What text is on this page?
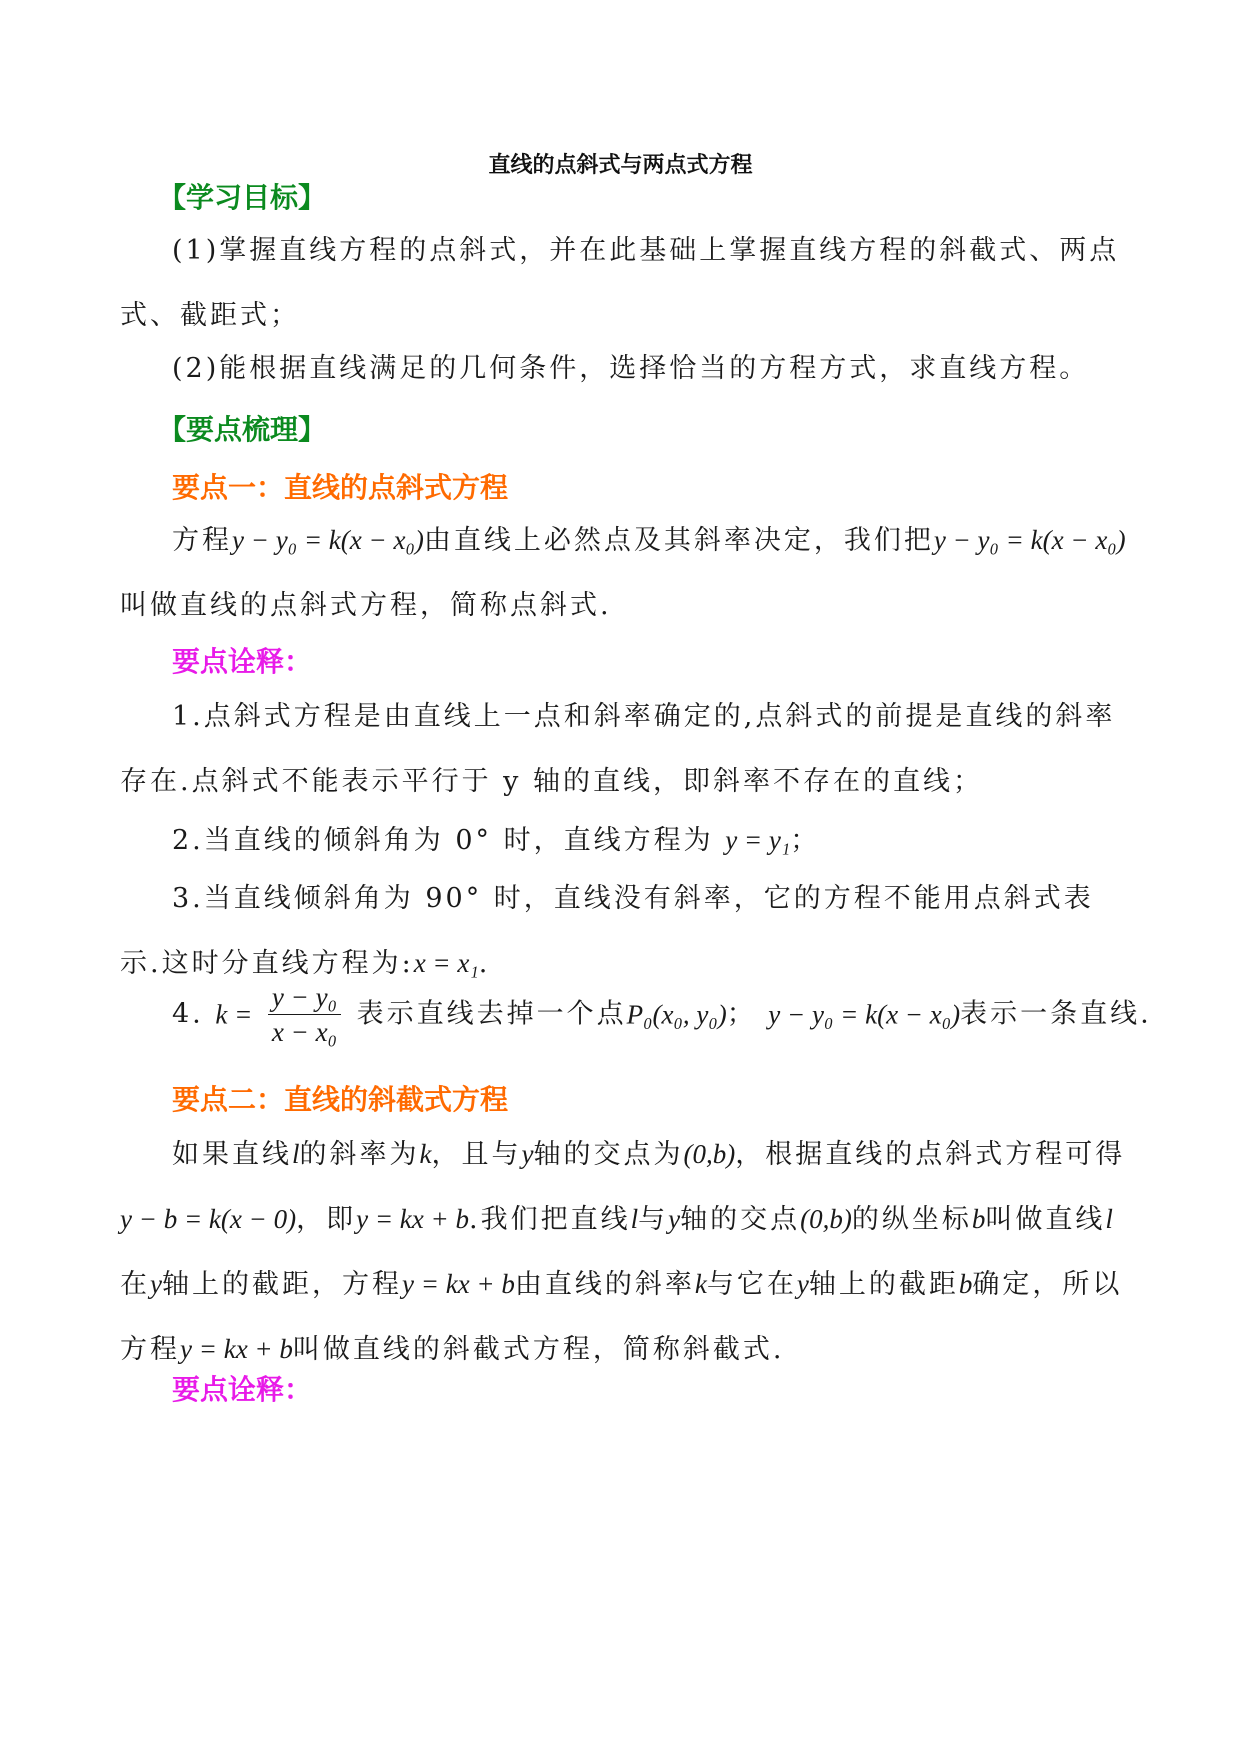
直线的点斜式与两点式方程
【学习目标】
(1)掌握直线方程的点斜式，并在此基础上掌握直线方程的斜截式、两点式、截距式；
(2)能根据直线满足的几何条件，选择恰当的方程方式，求直线方程。
【要点梳理】
要点一：直线的点斜式方程
方程y − y₀ = k(x − x₀)由直线上必然点及其斜率决定，我们把y − y₀ = k(x − x₀)叫做直线的点斜式方程，简称点斜式.
要点诠释：
1.点斜式方程是由直线上一点和斜率确定的,点斜式的前提是直线的斜率存在.点斜式不能表示平行于 y 轴的直线，即斜率不存在的直线；
2.当直线的倾斜角为 0° 时，直线方程为 y = y₁；
3.当直线倾斜角为 90° 时，直线没有斜率，它的方程不能用点斜式表示.这时分直线方程为:x = x₁.
4. $k = \frac{\text{y − y₀}}{\text{x − x₀}}$ 表示直线去掉一个点P₀(x₀, y₀)； y − y₀ = k(x − x₀)表示一条直线.
要点二：直线的斜截式方程
如果直线l的斜率为k，且与y轴的交点为(0,b)，根据直线的点斜式方程可得y − b = k(x − 0)，即y = kx + b.我们把直线l与y轴的交点(0,b)的纵坐标b叫做直线l在y轴上的截距，方程y = kx + b由直线的斜率k与它在y轴上的截距b确定，所以方程y = kx + b叫做直线的斜截式方程，简称斜截式.
要点诠释：
